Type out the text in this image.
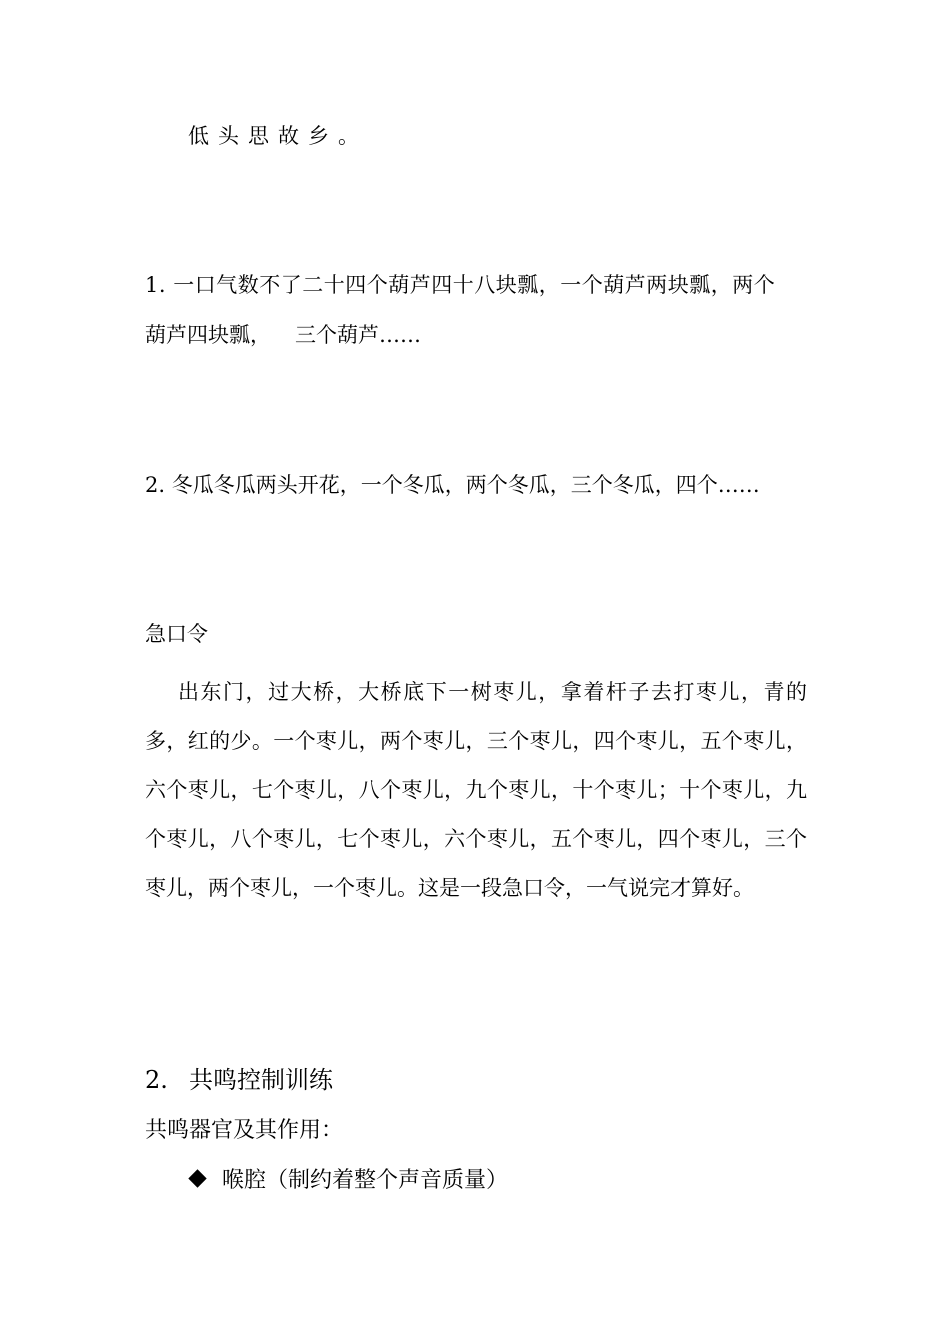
低头思故乡。
1. 一口气数不了二十四个葫芦四十八块瓢，一个葫芦两块瓢，两个
葫芦四块瓢， 三个葫芦……
2. 冬瓜冬瓜两头开花，一个冬瓜，两个冬瓜，三个冬瓜，四个……
急口令
出东门，过大桥，大桥底下一树枣儿，拿着杆子去打枣儿，青的多，红的少。一个枣儿，两个枣儿，三个枣儿，四个枣儿，五个枣儿，六个枣儿，七个枣儿，八个枣儿，九个枣儿，十个枣儿；十个枣儿，九个枣儿，八个枣儿，七个枣儿，六个枣儿，五个枣儿，四个枣儿，三个枣儿，两个枣儿，一个枣儿。这是一段急口令，一气说完才算好。
2. 共鸣控制训练
共鸣器官及其作用：
喉腔（制约着整个声音质量）
